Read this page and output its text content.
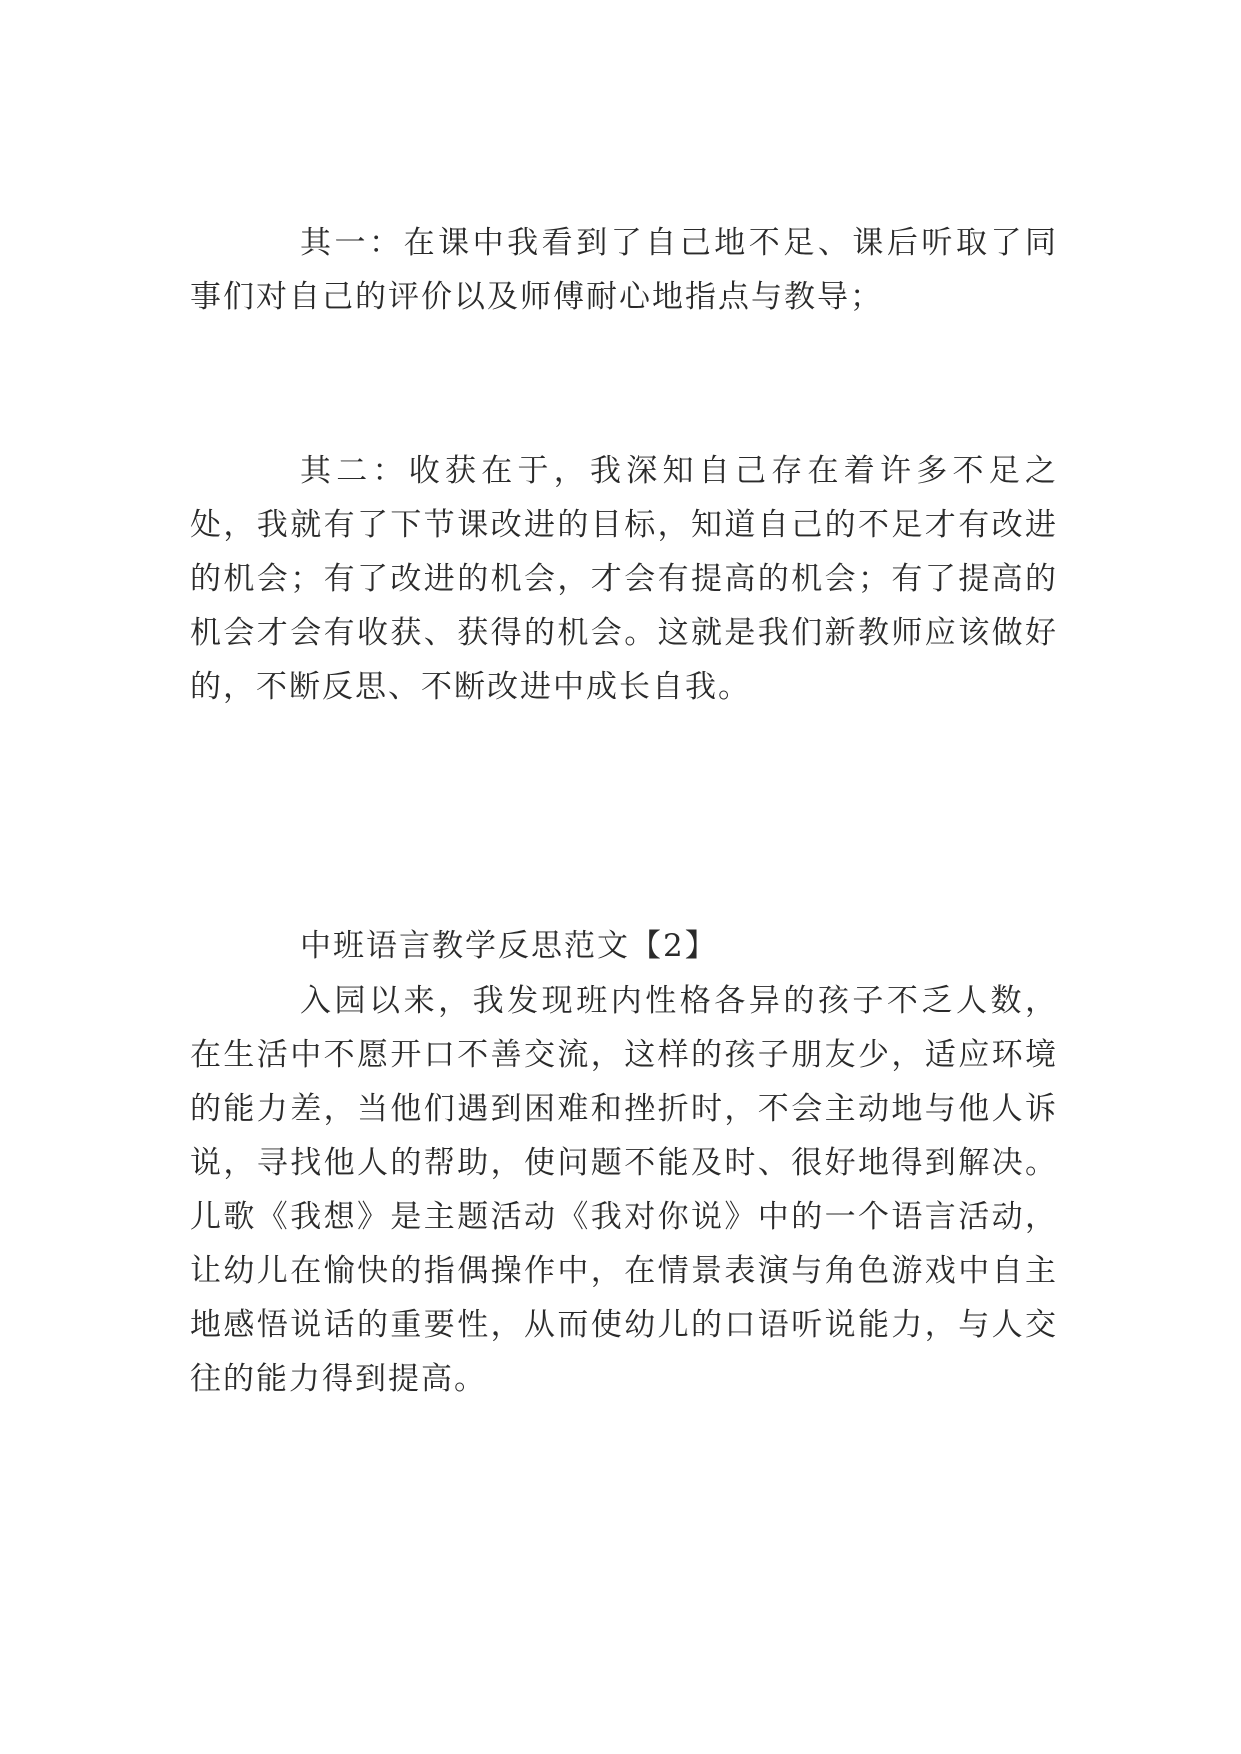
其一：在课中我看到了自己地不足、课后听取了同事们对自己的评价以及师傅耐心地指点与教导；

其二：收获在于，我深知自己存在着许多不足之处，我就有了下节课改进的目标，知道自己的不足才有改进的机会；有了改进的机会，才会有提高的机会；有了提高的机会才会有收获、获得的机会。这就是我们新教师应该做好的，不断反思、不断改进中成长自我。

中班语言教学反思范文【2】

入园以来，我发现班内性格各异的孩子不乏人数，在生活中不愿开口不善交流，这样的孩子朋友少，适应环境的能力差，当他们遇到困难和挫折时，不会主动地与他人诉说，寻找他人的帮助，使问题不能及时、很好地得到解决。儿歌《我想》是主题活动《我对你说》中的一个语言活动，让幼儿在愉快的指偶操作中，在情景表演与角色游戏中自主地感悟说话的重要性，从而使幼儿的口语听说能力，与人交往的能力得到提高。
